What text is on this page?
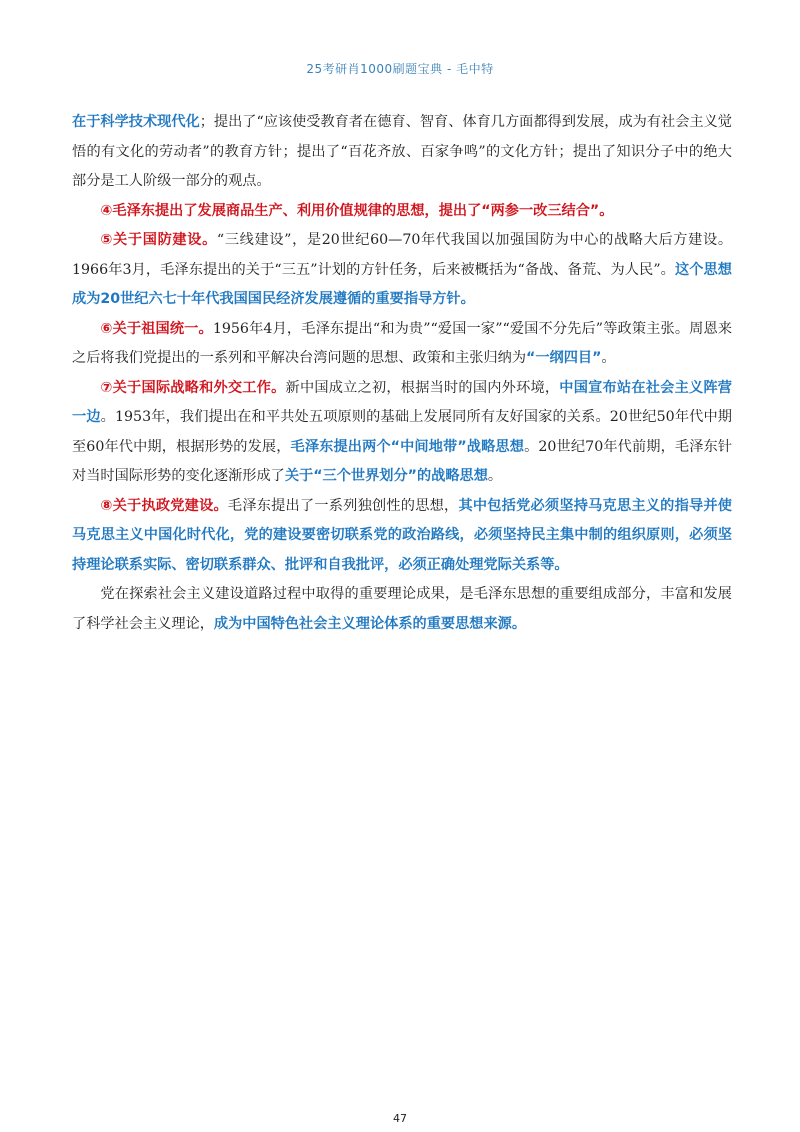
25考研肖1000刷题宝典 - 毛中特

在于科学技术现代化；提出了“应该使受教育者在德育、智育、体育几方面都得到发展，成为有社会主义觉悟的有文化的劳动者”的教育方针；提出了“百花齐放、百家争鸣”的文化方针；提出了知识分子中的绝大部分是工人阶级一部分的观点。

④毛泽东提出了发展商品生产、利用价值规律的思想，提出了“两参一改三结合”。

⑤关于国防建设。“三线建设”，是20世纪60—70年代我国以加强国防为中心的战略大后方建设。1966年3月，毛泽东提出的关于“三五”计划的方针任务，后来被概括为“备战、备荒、为人民”。这个思想成为20世纪六七十年代我国国民经济发展遵循的重要指导方针。

⑥关于祖国统一。1956年4月，毛泽东提出“和为贵”“爱国一家”“爱国不分先后”等政策主张。周恩来之后将我们党提出的一系列和平解决台湾问题的思想、政策和主张归纳为“一纲四目”。

⑦关于国际战略和外交工作。新中国成立之初，根据当时的国内外环境，中国宣布站在社会主义阵营一边。1953年，我们提出在和平共处五项原则的基础上发展同所有友好国家的关系。20世纪50年代中期至60年代中期，根据形势的发展，毛泽东提出两个“中间地带”战略思想。20世纪70年代前期，毛泽东针对当时国际形势的变化逐渐形成了关于“三个世界划分”的战略思想。

⑧关于执政党建设。毛泽东提出了一系列独创性的思想，其中包括党必须坚持马克思主义的指导并使马克思主义中国化时代化，党的建设要密切联系党的政治路线，必须坚持民主集中制的组织原则，必须坚持理论联系实际、密切联系群众、批评和自我批评，必须正确处理党际关系等。

党在探索社会主义建设道路过程中取得的重要理论成果，是毛泽东思想的重要组成部分，丰富和发展了科学社会主义理论，成为中国特色社会主义理论体系的重要思想来源。

47
